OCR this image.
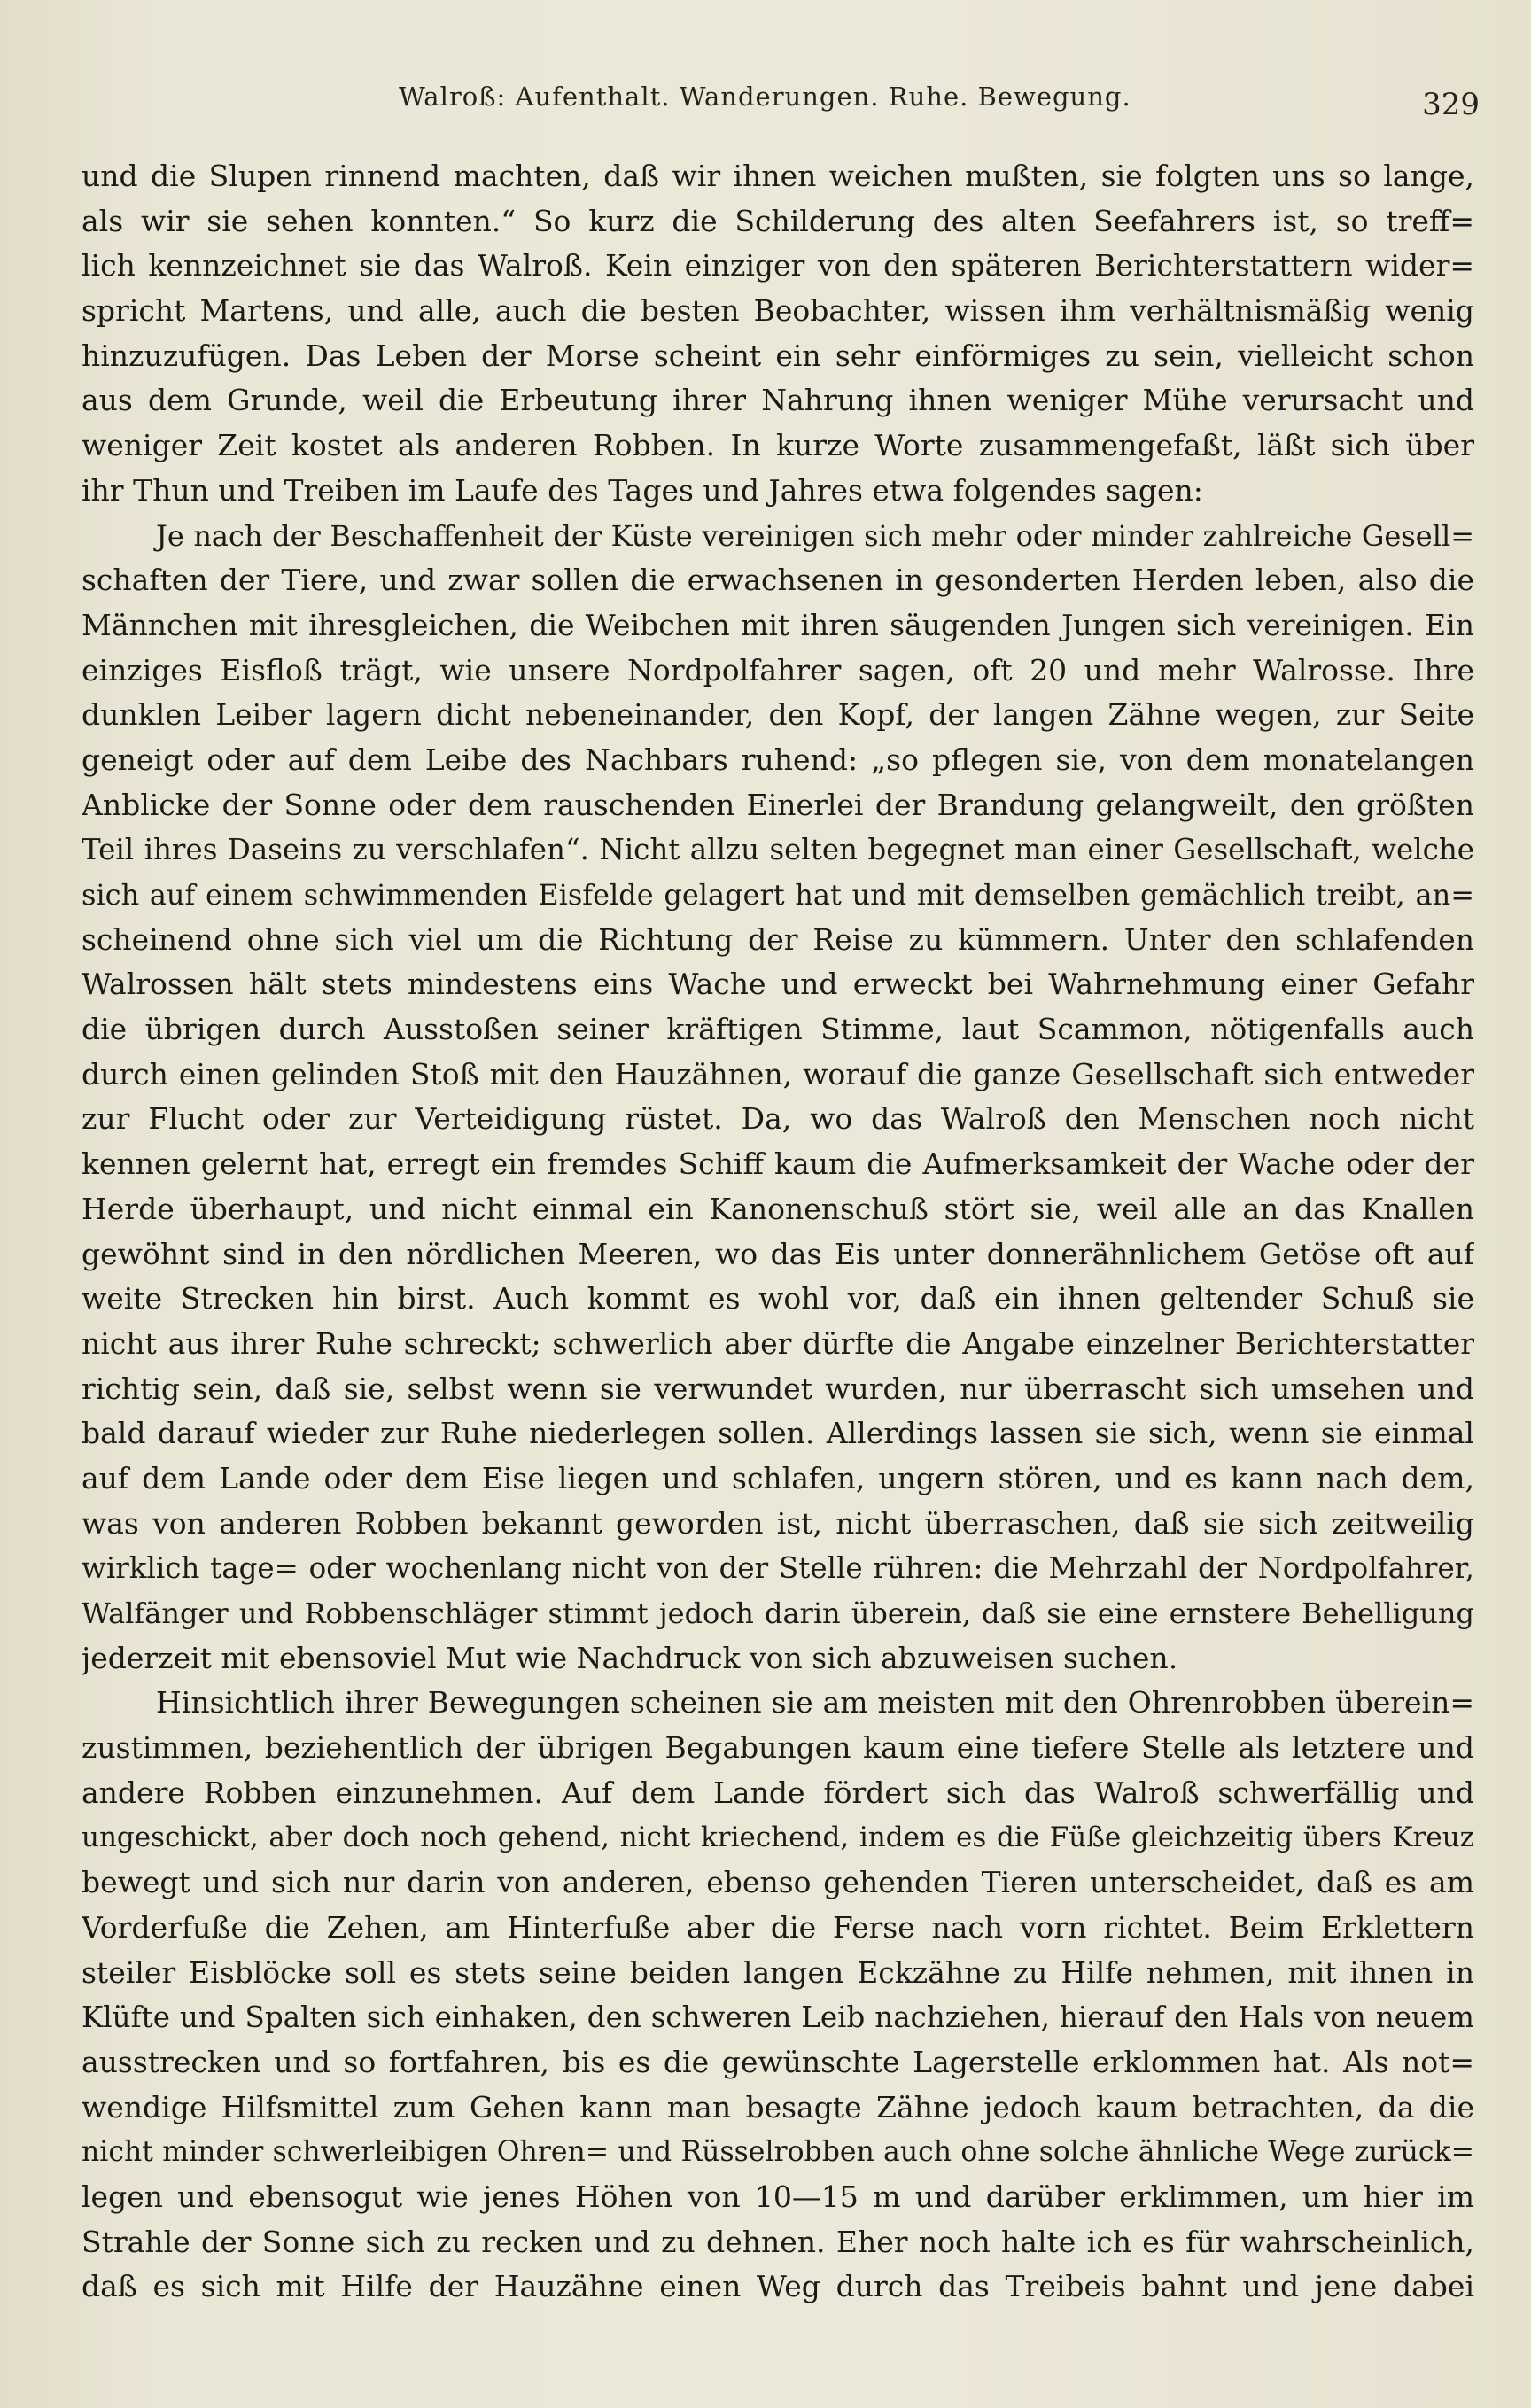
Walroß: Aufenthalt. Wanderungen. Ruhe. Bewegung.	329
und die Slupen rinnend machten, daß wir ihnen weichen mußten, sie folgten uns so lange,
als wir sie sehen konnten.“ So kurz die Schilderung des alten Seefahrers ist, so treff=
lich kennzeichnet sie das Walroß. Kein einziger von den späteren Berichterstattern wider=
spricht Martens, und alle, auch die besten Beobachter, wissen ihm verhältnismäßig wenig
hinzuzufügen. Das Leben der Morse scheint ein sehr einförmiges zu sein, vielleicht schon
aus dem Grunde, weil die Erbeutung ihrer Nahrung ihnen weniger Mühe verursacht und
weniger Zeit kostet als anderen Robben. In kurze Worte zusammengefaßt, läßt sich über
ihr Thun und Treiben im Laufe des Tages und Jahres etwa folgendes sagen:
Je nach der Beschaffenheit der Küste vereinigen sich mehr oder minder zahlreiche Gesell=
schaften der Tiere, und zwar sollen die erwachsenen in gesonderten Herden leben, also die
Männchen mit ihresgleichen, die Weibchen mit ihren säugenden Jungen sich vereinigen. Ein
einziges Eisfloß trägt, wie unsere Nordpolfahrer sagen, oft 20 und mehr Walrosse. Ihre
dunklen Leiber lagern dicht nebeneinander, den Kopf, der langen Zähne wegen, zur Seite
geneigt oder auf dem Leibe des Nachbars ruhend: „so pflegen sie, von dem monatelangen
Anblicke der Sonne oder dem rauschenden Einerlei der Brandung gelangweilt, den größten
Teil ihres Daseins zu verschlafen“. Nicht allzu selten begegnet man einer Gesellschaft, welche
sich auf einem schwimmenden Eisfelde gelagert hat und mit demselben gemächlich treibt, an=
scheinend ohne sich viel um die Richtung der Reise zu kümmern. Unter den schlafenden
Walrossen hält stets mindestens eins Wache und erweckt bei Wahrnehmung einer Gefahr
die übrigen durch Ausstoßen seiner kräftigen Stimme, laut Scammon, nötigenfalls auch
durch einen gelinden Stoß mit den Hauzähnen, worauf die ganze Gesellschaft sich entweder
zur Flucht oder zur Verteidigung rüstet. Da, wo das Walroß den Menschen noch nicht
kennen gelernt hat, erregt ein fremdes Schiff kaum die Aufmerksamkeit der Wache oder der
Herde überhaupt, und nicht einmal ein Kanonenschuß stört sie, weil alle an das Knallen
gewöhnt sind in den nördlichen Meeren, wo das Eis unter donnerähnlichem Getöse oft auf
weite Strecken hin birst. Auch kommt es wohl vor, daß ein ihnen geltender Schuß sie
nicht aus ihrer Ruhe schreckt; schwerlich aber dürfte die Angabe einzelner Berichterstatter
richtig sein, daß sie, selbst wenn sie verwundet wurden, nur überrascht sich umsehen und
bald darauf wieder zur Ruhe niederlegen sollen. Allerdings lassen sie sich, wenn sie einmal
auf dem Lande oder dem Eise liegen und schlafen, ungern stören, und es kann nach dem,
was von anderen Robben bekannt geworden ist, nicht überraschen, daß sie sich zeitweilig
wirklich tage= oder wochenlang nicht von der Stelle rühren: die Mehrzahl der Nordpolfahrer,
Walfänger und Robbenschläger stimmt jedoch darin überein, daß sie eine ernstere Behelligung
jederzeit mit ebensoviel Mut wie Nachdruck von sich abzuweisen suchen.
Hinsichtlich ihrer Bewegungen scheinen sie am meisten mit den Ohrenrobben überein=
zustimmen, beziehentlich der übrigen Begabungen kaum eine tiefere Stelle als letztere und
andere Robben einzunehmen. Auf dem Lande fördert sich das Walroß schwerfällig und
ungeschickt, aber doch noch gehend, nicht kriechend, indem es die Füße gleichzeitig übers Kreuz
bewegt und sich nur darin von anderen, ebenso gehenden Tieren unterscheidet, daß es am
Vorderfuße die Zehen, am Hinterfuße aber die Ferse nach vorn richtet. Beim Erklettern
steiler Eisblöcke soll es stets seine beiden langen Eckzähne zu Hilfe nehmen, mit ihnen in
Klüfte und Spalten sich einhaken, den schweren Leib nachziehen, hierauf den Hals von neuem
ausstrecken und so fortfahren, bis es die gewünschte Lagerstelle erklommen hat. Als not=
wendige Hilfsmittel zum Gehen kann man besagte Zähne jedoch kaum betrachten, da die
nicht minder schwerleibigen Ohren= und Rüsselrobben auch ohne solche ähnliche Wege zurück=
legen und ebensogut wie jenes Höhen von 10—15 m und darüber erklimmen, um hier im
Strahle der Sonne sich zu recken und zu dehnen. Eher noch halte ich es für wahrscheinlich,
daß es sich mit Hilfe der Hauzähne einen Weg durch das Treibeis bahnt und jene dabei
